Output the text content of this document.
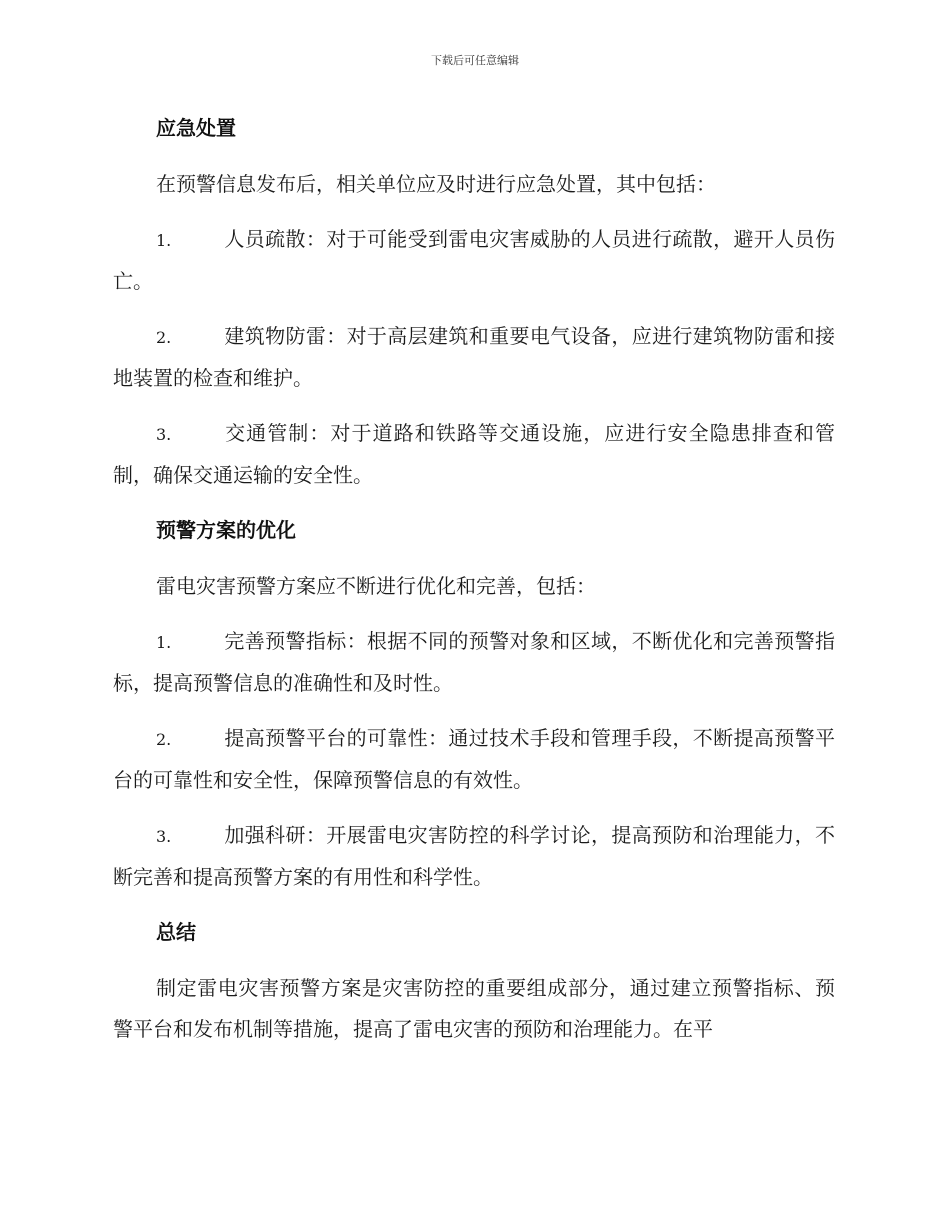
下载后可任意编辑
应急处置

在预警信息发布后，相关单位应及时进行应急处置，其中包括：

1.	人员疏散：对于可能受到雷电灾害威胁的人员进行疏散，避开人员伤亡。

2.	建筑物防雷：对于高层建筑和重要电气设备，应进行建筑物防雷和接地装置的检查和维护。

3.	交通管制：对于道路和铁路等交通设施，应进行安全隐患排查和管制，确保交通运输的安全性。

预警方案的优化

雷电灾害预警方案应不断进行优化和完善，包括：

1.	完善预警指标：根据不同的预警对象和区域，不断优化和完善预警指标，提高预警信息的准确性和及时性。

2.	提高预警平台的可靠性：通过技术手段和管理手段，不断提高预警平台的可靠性和安全性，保障预警信息的有效性。

3.	加强科研：开展雷电灾害防控的科学讨论，提高预防和治理能力，不断完善和提高预警方案的有用性和科学性。

总结

制定雷电灾害预警方案是灾害防控的重要组成部分，通过建立预警指标、预警平台和发布机制等措施，提高了雷电灾害的预防和治理能力。在平
